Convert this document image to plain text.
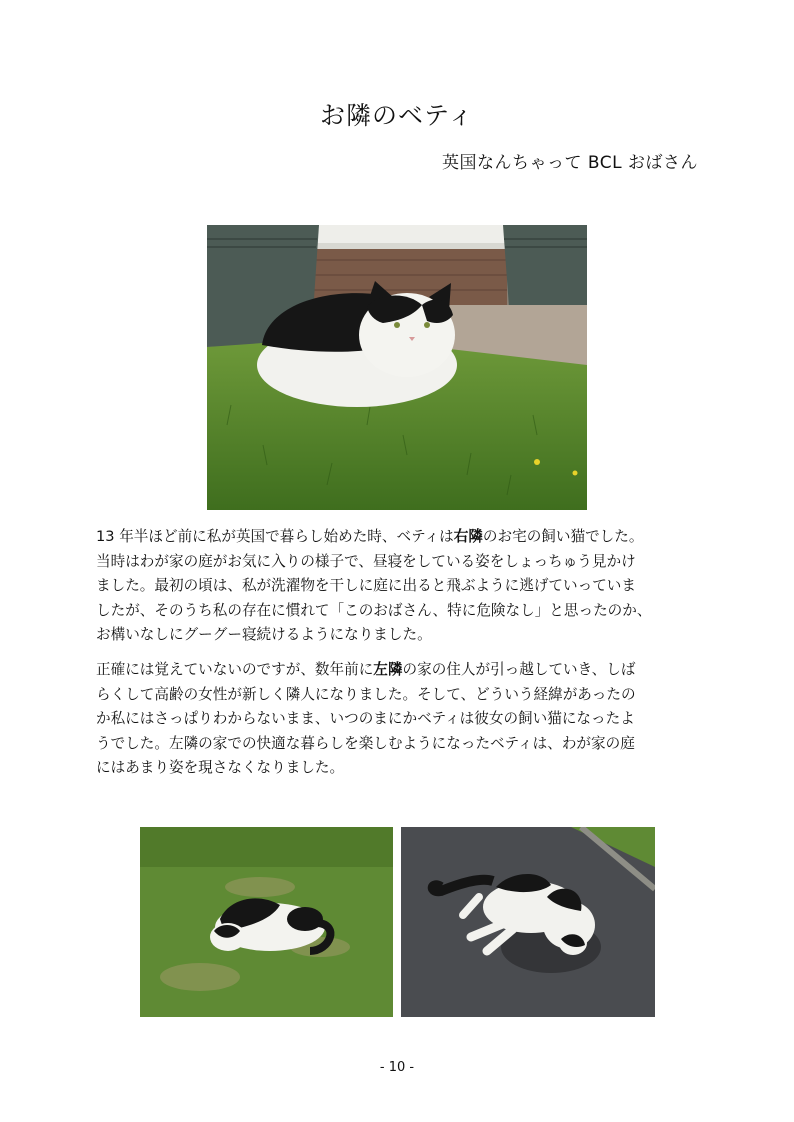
お隣のベティ
英国なんちゃって BCL おばさん
13 年半ほど前に私が英国で暮らし始めた時、ベティは右隣のお宅の飼い猫でした。
当時はわが家の庭がお気に入りの様子で、昼寝をしている姿をしょっちゅう見かけ
ました。最初の頃は、私が洗濯物を干しに庭に出ると飛ぶように逃げていっていま
したが、そのうち私の存在に慣れて「このおばさん、特に危険なし」と思ったのか、
お構いなしにグーグー寝続けるようになりました。
正確には覚えていないのですが、数年前に左隣の家の住人が引っ越していき、しば
らくして高齢の女性が新しく隣人になりました。そして、どういう経緯があったの
か私にはさっぱりわからないまま、いつのまにかベティは彼女の飼い猫になったよ
うでした。左隣の家での快適な暮らしを楽しむようになったベティは、わが家の庭
にはあまり姿を現さなくなりました。
- 10 -
